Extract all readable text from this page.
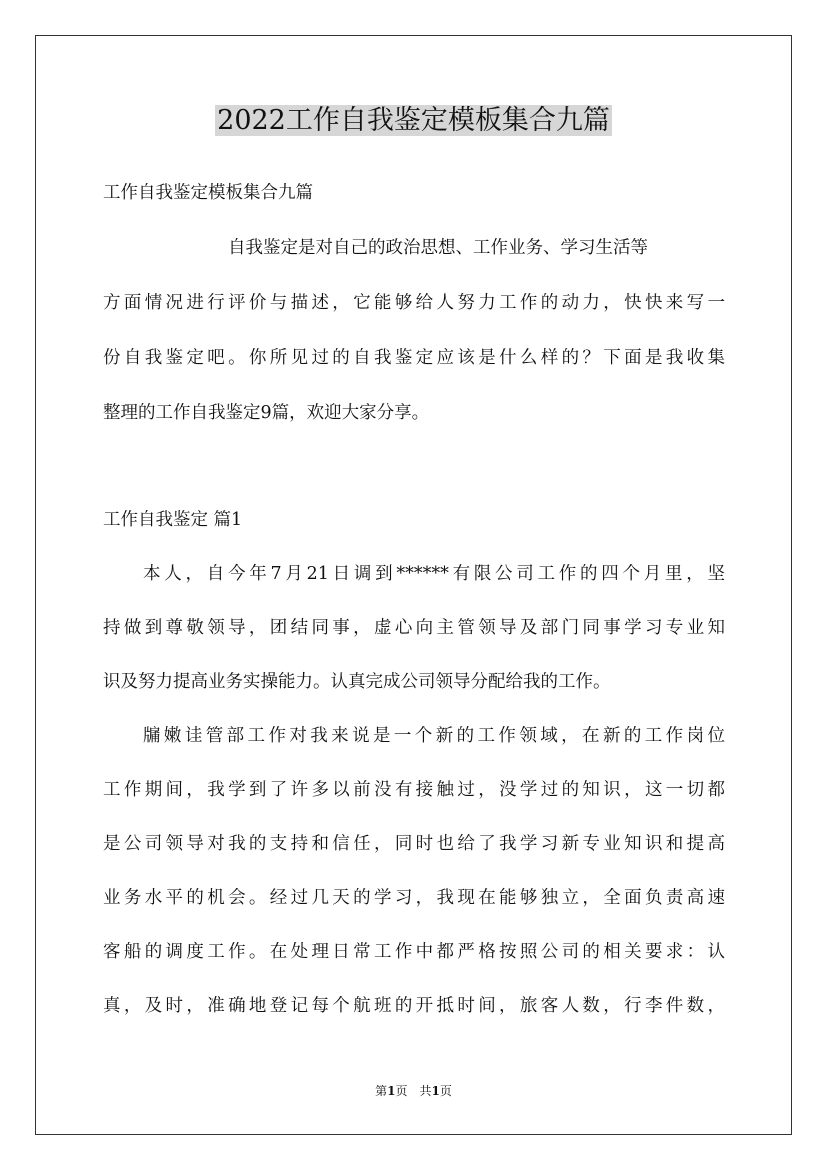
2022工作自我鉴定模板集合九篇
工作自我鉴定模板集合九篇
自我鉴定是对自己的政治思想、工作业务、学习生活等
方面情况进行评价与描述，它能够给人努力工作的动力，快快来写一
份自我鉴定吧。你所见过的自我鉴定应该是什么样的？下面是我收集
整理的工作自我鉴定9篇，欢迎大家分享。
工作自我鉴定 篇1
本人，自今年7月21日调到******有限公司工作的四个月里，坚
持做到尊敬领导，团结同事，虚心向主管领导及部门同事学习专业知
识及努力提高业务实操能力。认真完成公司领导分配给我的工作。
牖嫩诖管部工作对我来说是一个新的工作领域，在新的工作岗位
工作期间，我学到了许多以前没有接触过，没学过的知识，这一切都
是公司领导对我的支持和信任，同时也给了我学习新专业知识和提高
业务水平的机会。经过几天的学习，我现在能够独立，全面负责高速
客船的调度工作。在处理日常工作中都严格按照公司的相关要求：认
真，及时，准确地登记每个航班的开抵时间，旅客人数，行李件数，
第1页　共1页
